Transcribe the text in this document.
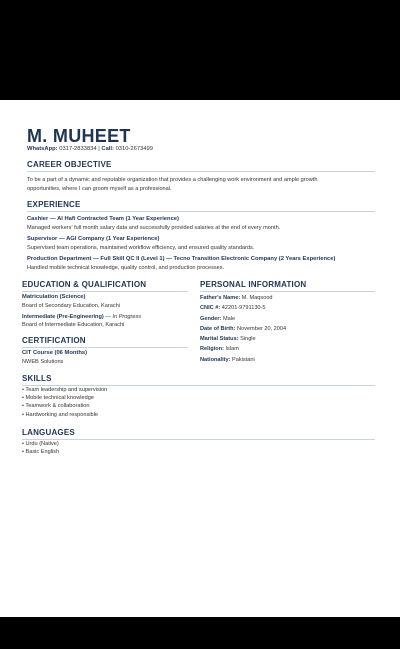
M. MUHEET
WhatsApp: 0317-2833834 | Call: 0310-2673499
CAREER OBJECTIVE
To be a part of a dynamic and reputable organization that provides a challenging work environment and ample growth
opportunities, where I can groom myself as a professional.
EXPERIENCE
Cashier — Al Hafi Contracted Team (1 Year Experience)
Managed workers' full month salary data and successfully provided salaries at the end of every month.
Supervisor — AGI Company (1 Year Experience)
Supervised team operations, maintained workflow efficiency, and ensured quality standards.
Production Department — Full Skill QC II (Level 1) — Tecno Transition Electronic Company (2 Years Experience)
Handled mobile technical knowledge, quality control, and production processes.
EDUCATION & QUALIFICATION
Matriculation (Science)
Board of Secondary Education, Karachi
Intermediate (Pre-Engineering) — In Progress
Board of Intermediate Education, Karachi
CERTIFICATION
CIT Course (06 Months)
NWEB Solutions
PERSONAL INFORMATION
Father's Name: M. Maqsood
CNIC #: 42201-9791130-5
Gender: Male
Date of Birth: November 20, 2004
Marital Status: Single
Religion: Islam
Nationality: Pakistani
SKILLS
• Team leadership and supervision
• Mobile technical knowledge
• Teamwork & collaboration
• Hardworking and responsible
LANGUAGES
• Urdu (Native)
• Basic English
